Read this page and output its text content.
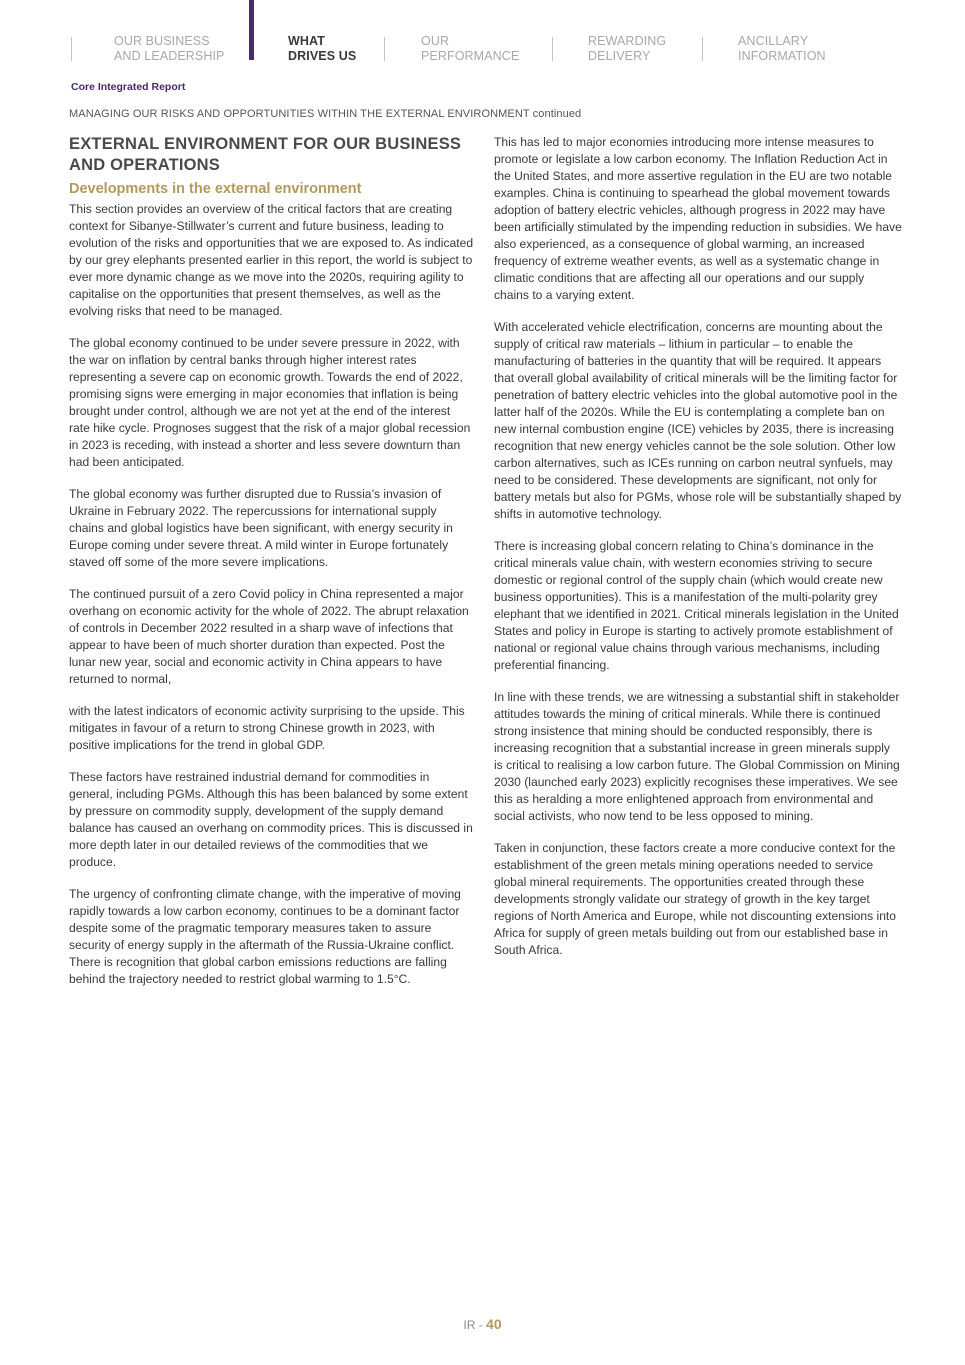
OUR BUSINESS
AND LEADERSHIP
WHAT
DRIVES US
OUR
PERFORMANCE
REWARDING
DELIVERY
ANCILLARY
INFORMATION
Core Integrated Report
MANAGING OUR RISKS AND OPPORTUNITIES WITHIN THE EXTERNAL ENVIRONMENT continued
EXTERNAL ENVIRONMENT FOR OUR BUSINESS AND OPERATIONS
Developments in the external environment

This section provides an overview of the critical factors that are creating context for Sibanye-Stillwater’s current and future business, leading to evolution of the risks and opportunities that we are exposed to. As indicated by our grey elephants presented earlier in this report, the world is subject to ever more dynamic change as we move into the 2020s, requiring agility to capitalise on the opportunities that present themselves, as well as the evolving risks that need to be managed.

The global economy continued to be under severe pressure in 2022, with the war on inflation by central banks through higher interest rates representing a severe cap on economic growth. Towards the end of 2022, promising signs were emerging in major economies that inflation is being brought under control, although we are not yet at the end of the interest rate hike cycle. Prognoses suggest that the risk of a major global recession in 2023 is receding, with instead a shorter and less severe downturn than had been anticipated.

The global economy was further disrupted due to Russia’s invasion of Ukraine in February 2022. The repercussions for international supply chains and global logistics have been significant, with energy security in Europe coming under severe threat. A mild winter in Europe fortunately staved off some of the more severe implications.

The continued pursuit of a zero Covid policy in China represented a major overhang on economic activity for the whole of 2022. The abrupt relaxation of controls in December 2022 resulted in a sharp wave of infections that appear to have been of much shorter duration than expected. Post the lunar new year, social and economic activity in China appears to have returned to normal,

with the latest indicators of economic activity surprising to the upside. This mitigates in favour of a return to strong Chinese growth in 2023, with positive implications for the trend in global GDP.

These factors have restrained industrial demand for commodities in general, including PGMs. Although this has been balanced by some extent by pressure on commodity supply, development of the supply demand balance has caused an overhang on commodity prices. This is discussed in more depth later in our detailed reviews of the commodities that we produce.

The urgency of confronting climate change, with the imperative of moving rapidly towards a low carbon economy, continues to be a dominant factor despite some of the pragmatic temporary measures taken to assure security of energy supply in the aftermath of the Russia-Ukraine conflict. There is recognition that global carbon emissions reductions are falling behind the trajectory needed to restrict global warming to 1.5°C.

This has led to major economies introducing more intense measures to promote or legislate a low carbon economy. The Inflation Reduction Act in the United States, and more assertive regulation in the EU are two notable examples. China is continuing to spearhead the global movement towards adoption of battery electric vehicles, although progress in 2022 may have been artificially stimulated by the impending reduction in subsidies. We have also experienced, as a consequence of global warming, an increased frequency of extreme weather events, as well as a systematic change in climatic conditions that are affecting all our operations and our supply chains to a varying extent.

With accelerated vehicle electrification, concerns are mounting about the supply of critical raw materials – lithium in particular – to enable the manufacturing of batteries in the quantity that will be required. It appears that overall global availability of critical minerals will be the limiting factor for penetration of battery electric vehicles into the global automotive pool in the latter half of the 2020s. While the EU is contemplating a complete ban on new internal combustion engine (ICE) vehicles by 2035, there is increasing recognition that new energy vehicles cannot be the sole solution. Other low carbon alternatives, such as ICEs running on carbon neutral synfuels, may need to be considered. These developments are significant, not only for battery metals but also for PGMs, whose role will be substantially shaped by shifts in automotive technology.

There is increasing global concern relating to China’s dominance in the critical minerals value chain, with western economies striving to secure domestic or regional control of the supply chain (which would create new business opportunities). This is a manifestation of the multi-polarity grey elephant that we identified in 2021. Critical minerals legislation in the United States and policy in Europe is starting to actively promote establishment of national or regional value chains through various mechanisms, including preferential financing.

In line with these trends, we are witnessing a substantial shift in stakeholder attitudes towards the mining of critical minerals. While there is continued strong insistence that mining should be conducted responsibly, there is increasing recognition that a substantial increase in green minerals supply is critical to realising a low carbon future. The Global Commission on Mining 2030 (launched early 2023) explicitly recognises these imperatives. We see this as heralding a more enlightened approach from environmental and social activists, who now tend to be less opposed to mining.

Taken in conjunction, these factors create a more conducive context for the establishment of the green metals mining operations needed to service global mineral requirements. The opportunities created through these developments strongly validate our strategy of growth in the key target regions of North America and Europe, while not discounting extensions into Africa for supply of green metals building out from our established base in South Africa.

IR - 40
